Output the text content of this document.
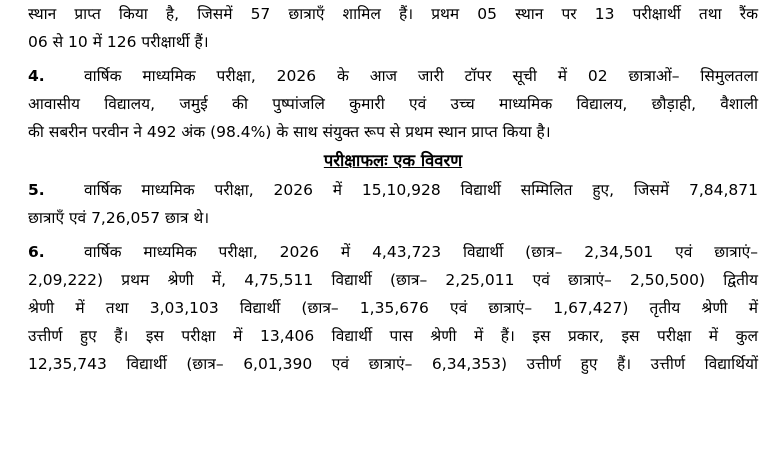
स्थान प्राप्त किया है, जिसमें 57 छात्राएँ शामिल हैं। प्रथम 05 स्थान पर 13 परीक्षार्थी तथा रैंक
06 से 10 में 126 परीक्षार्थी हैं।
4.	वार्षिक माध्यमिक परीक्षा, 2026 के आज जारी टॉपर सूची में 02 छात्राओं– सिमुलतला
आवासीय विद्यालय, जमुई की पुष्पांजलि कुमारी एवं उच्च माध्यमिक विद्यालय, छौड़ाही, वैशाली
की सबरीन परवीन ने 492 अंक (98.4%) के साथ संयुक्त रूप से प्रथम स्थान प्राप्त किया है।
परीक्षाफलः एक विवरण
5.	वार्षिक माध्यमिक परीक्षा, 2026 में 15,10,928 विद्यार्थी सम्मिलित हुए, जिसमें 7,84,871
छात्राएँ एवं 7,26,057 छात्र थे।
6.	वार्षिक माध्यमिक परीक्षा, 2026 में 4,43,723 विद्यार्थी (छात्र– 2,34,501 एवं छात्राएं–
2,09,222) प्रथम श्रेणी में, 4,75,511 विद्यार्थी (छात्र– 2,25,011 एवं छात्राएं– 2,50,500) द्वितीय
श्रेणी में तथा 3,03,103 विद्यार्थी (छात्र– 1,35,676 एवं छात्राएं– 1,67,427) तृतीय श्रेणी में
उत्तीर्ण हुए हैं। इस परीक्षा में 13,406 विद्यार्थी पास श्रेणी में हैं। इस प्रकार, इस परीक्षा में कुल
12,35,743 विद्यार्थी (छात्र– 6,01,390 एवं छात्राएं– 6,34,353) उत्तीर्ण हुए हैं। उत्तीर्ण विद्यार्थियों
